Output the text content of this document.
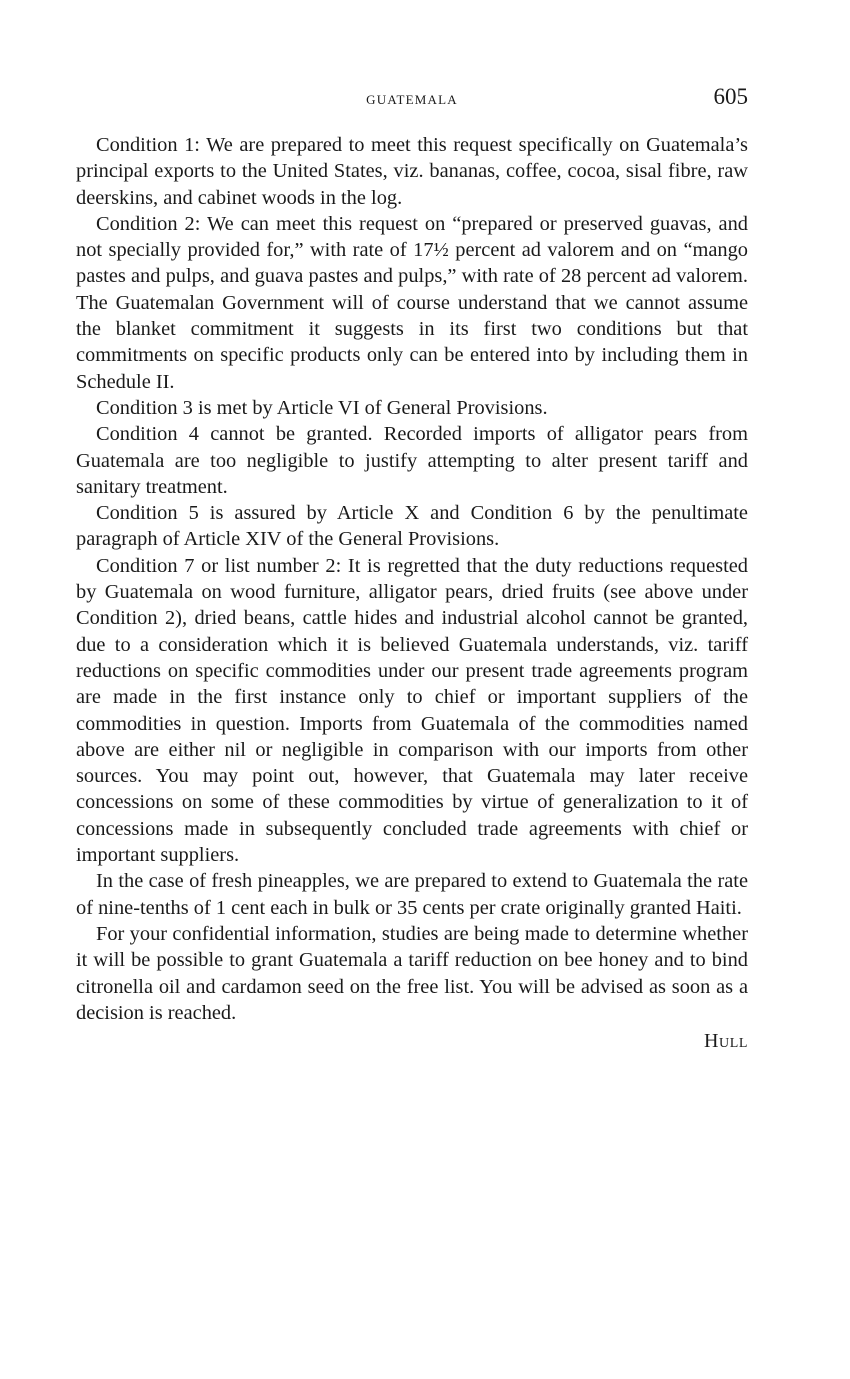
GUATEMALA	605

Condition 1: We are prepared to meet this request specifically on Guatemala’s principal exports to the United States, viz. bananas, coffee, cocoa, sisal fibre, raw deerskins, and cabinet woods in the log.

Condition 2: We can meet this request on “prepared or preserved guavas, and not specially provided for,” with rate of 17½ percent ad valorem and on “mango pastes and pulps, and guava pastes and pulps,” with rate of 28 percent ad valorem. The Guatemalan Government will of course understand that we cannot assume the blanket commitment it suggests in its first two conditions but that commitments on specific products only can be entered into by including them in Schedule II.

Condition 3 is met by Article VI of General Provisions.

Condition 4 cannot be granted. Recorded imports of alligator pears from Guatemala are too negligible to justify attempting to alter present tariff and sanitary treatment.

Condition 5 is assured by Article X and Condition 6 by the penultimate paragraph of Article XIV of the General Provisions.

Condition 7 or list number 2: It is regretted that the duty reductions requested by Guatemala on wood furniture, alligator pears, dried fruits (see above under Condition 2), dried beans, cattle hides and industrial alcohol cannot be granted, due to a consideration which it is believed Guatemala understands, viz. tariff reductions on specific commodities under our present trade agreements program are made in the first instance only to chief or important suppliers of the commodities in question. Imports from Guatemala of the commodities named above are either nil or negligible in comparison with our imports from other sources. You may point out, however, that Guatemala may later receive concessions on some of these commodities by virtue of generalization to it of concessions made in subsequently concluded trade agreements with chief or important suppliers.

In the case of fresh pineapples, we are prepared to extend to Guatemala the rate of nine-tenths of 1 cent each in bulk or 35 cents per crate originally granted Haiti.

For your confidential information, studies are being made to determine whether it will be possible to grant Guatemala a tariff reduction on bee honey and to bind citronella oil and cardamon seed on the free list. You will be advised as soon as a decision is reached.

Hull
